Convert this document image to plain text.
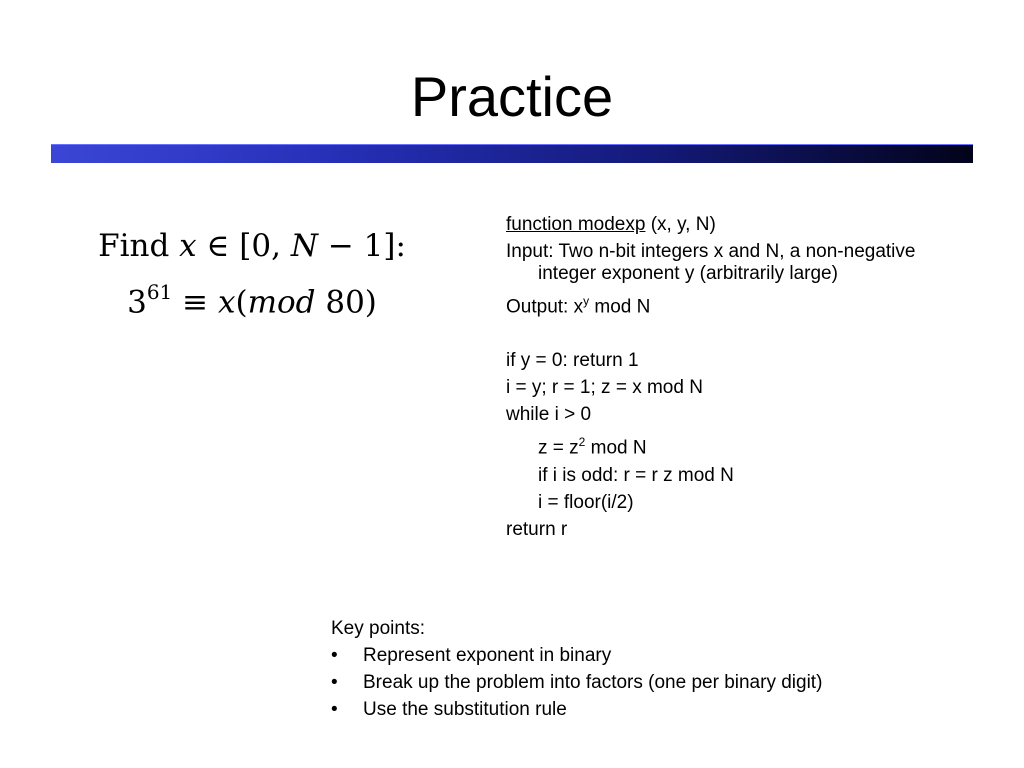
Practice
Find x ∈ [0, N − 1]:
$3^{61} \equiv x(mod$ 80)
function modexp (x, y, N)
Input: Two n-bit integers x and N, a non-negative integer exponent y (arbitrarily large)
Output: $x^y$ mod N
if y = 0: return 1
i = y; r = 1; z = x mod N
while i > 0
$z = z^2$ mod N
if i is odd: r = r z mod N
i = floor(i/2)
return r
Key points:
• Represent exponent in binary
• Break up the problem into factors (one per binary digit)
• Use the substitution rule
